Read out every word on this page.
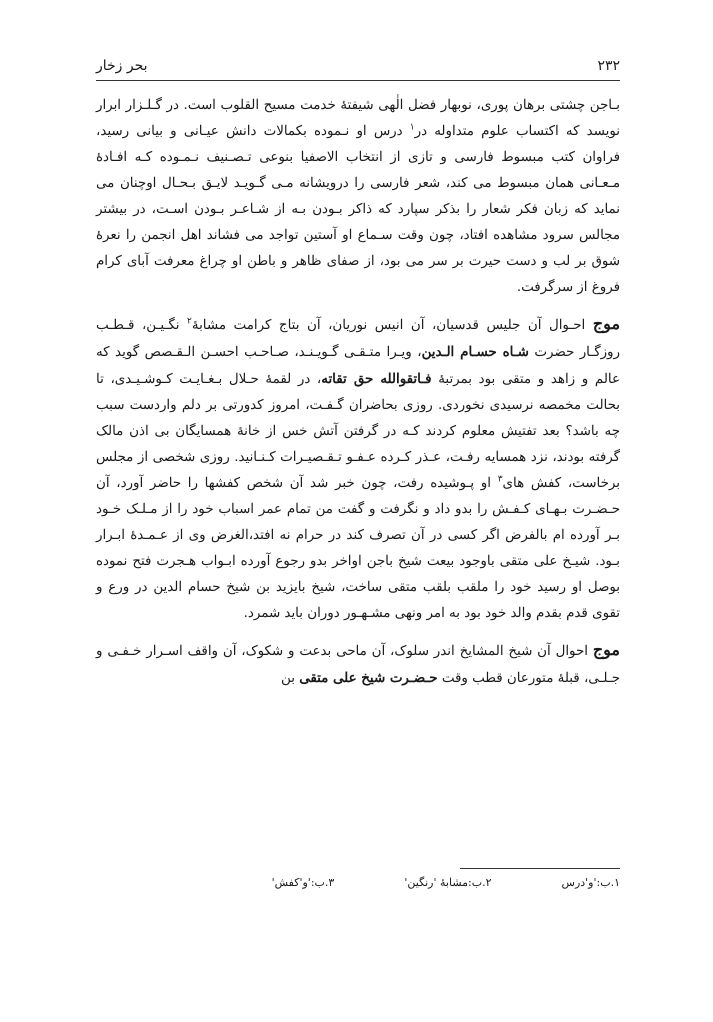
۲۳۲
بحر زخار

بـاجن چشتی برهان پوری، نوبهار فضل الٰهی شیفتهٔ خدمت مسیح القلوب است. در گـلـزار ابرار نویسد که اکتساب علوم متداوله در$^۱$ درس او نـموده بکمالات دانش عیـانی و بیانی رسید، فراوان کتب مبسوط فارسی و تازی از انتخاب الاصفیا بنوعی تـصـنیف نـمـوده کـه افـادهٔ مـعـانی همان مبسوط می کند، شعر فارسی را درویشانه مـی گـویـد لایـق بـحـال اوچنان می نماید که زبان فکر شعار را بذکر سپارد که ذاکر بـودن بـه از شـاعـر بـودن اسـت، در بیشتر مجالس سرود مشاهده افتاد، چون وقت سـماع او آستین تواجد می فشاند اهل انجمن را نعرهٔ شوق بر لب و دست حیرت بر سر می بود، از صفای ظاهر و باطن او چراغ معرفت آبای کرام فروغ از سرگرفت.

موج احـوال آن جلیس قدسیان، آن انیس نوریان، آن بتاج کرامت مشابهٔ$^۲$ نگـیـن، قـطـب روزگـار حضرت شـاه حسـام الـدین، ویـرا متـقـی گـویـنـد، صـاحـب احسـن الـقـصص گوید که عالم و زاهد و متقی بود بمرتبهٔ فـاتقوالله حق تقاته، در لقمهٔ حـلال بـغـایـت کـوشـیـدی، تا بحالت مخمصه نرسیدی نخوردی. روزی بحاضران گـفـت، امروز کدورتی بر دلم واردست سبب چه باشد؟ بعد تفتیش معلوم کردند کـه در گرفتن آتش خس از خانهٔ همسایگان بی اذن مالک گرفته بودند، نزد همسایه رفـت، عـذر کـرده عـفـو تـقـصیـرات کـنـانید. روزی شخصی از مجلس برخاست، کفش های$^۳$ او پـوشیده رفت، چون خبر شد آن شخص کفشها را حاضر آورد، آن حـضـرت بـهـای کـفـش را بدو داد و نگرفت و گفت من تمام عمر اسباب خود را از مـلـک خـود بـر آورده ام بالفرض اگر کسی در آن تصرف کند در حرام نه افتد،الغرض وی از عـمـدهٔ ابـرار بـود. شیـخ علی متقی باوجود بیعت شیخ باجن اواخر بدو رجوع آورده ابـواب هـجرت فتح نموده بوصل او رسید خود را ملقب بلقب متقی ساخت، شیخ بایزید بن شیخ حسام الدین در ورع و تقوی قدم بقدم والد خود بود به امر ونهی مشـهـور دوران باید شمرد.

موج احوال آن شیخ المشایخ اندر سلوک، آن ماحی بدعت و شکوک، آن واقف اسـرار خـفـی و جـلـی، قبلهٔ متورعان قطب وقت حـضـرت شیخ علی متقی بن

۱.ب:'و'درس
۲.ب:مشابهٔ 'رنگین'
۳.ب:'و'کفش'
